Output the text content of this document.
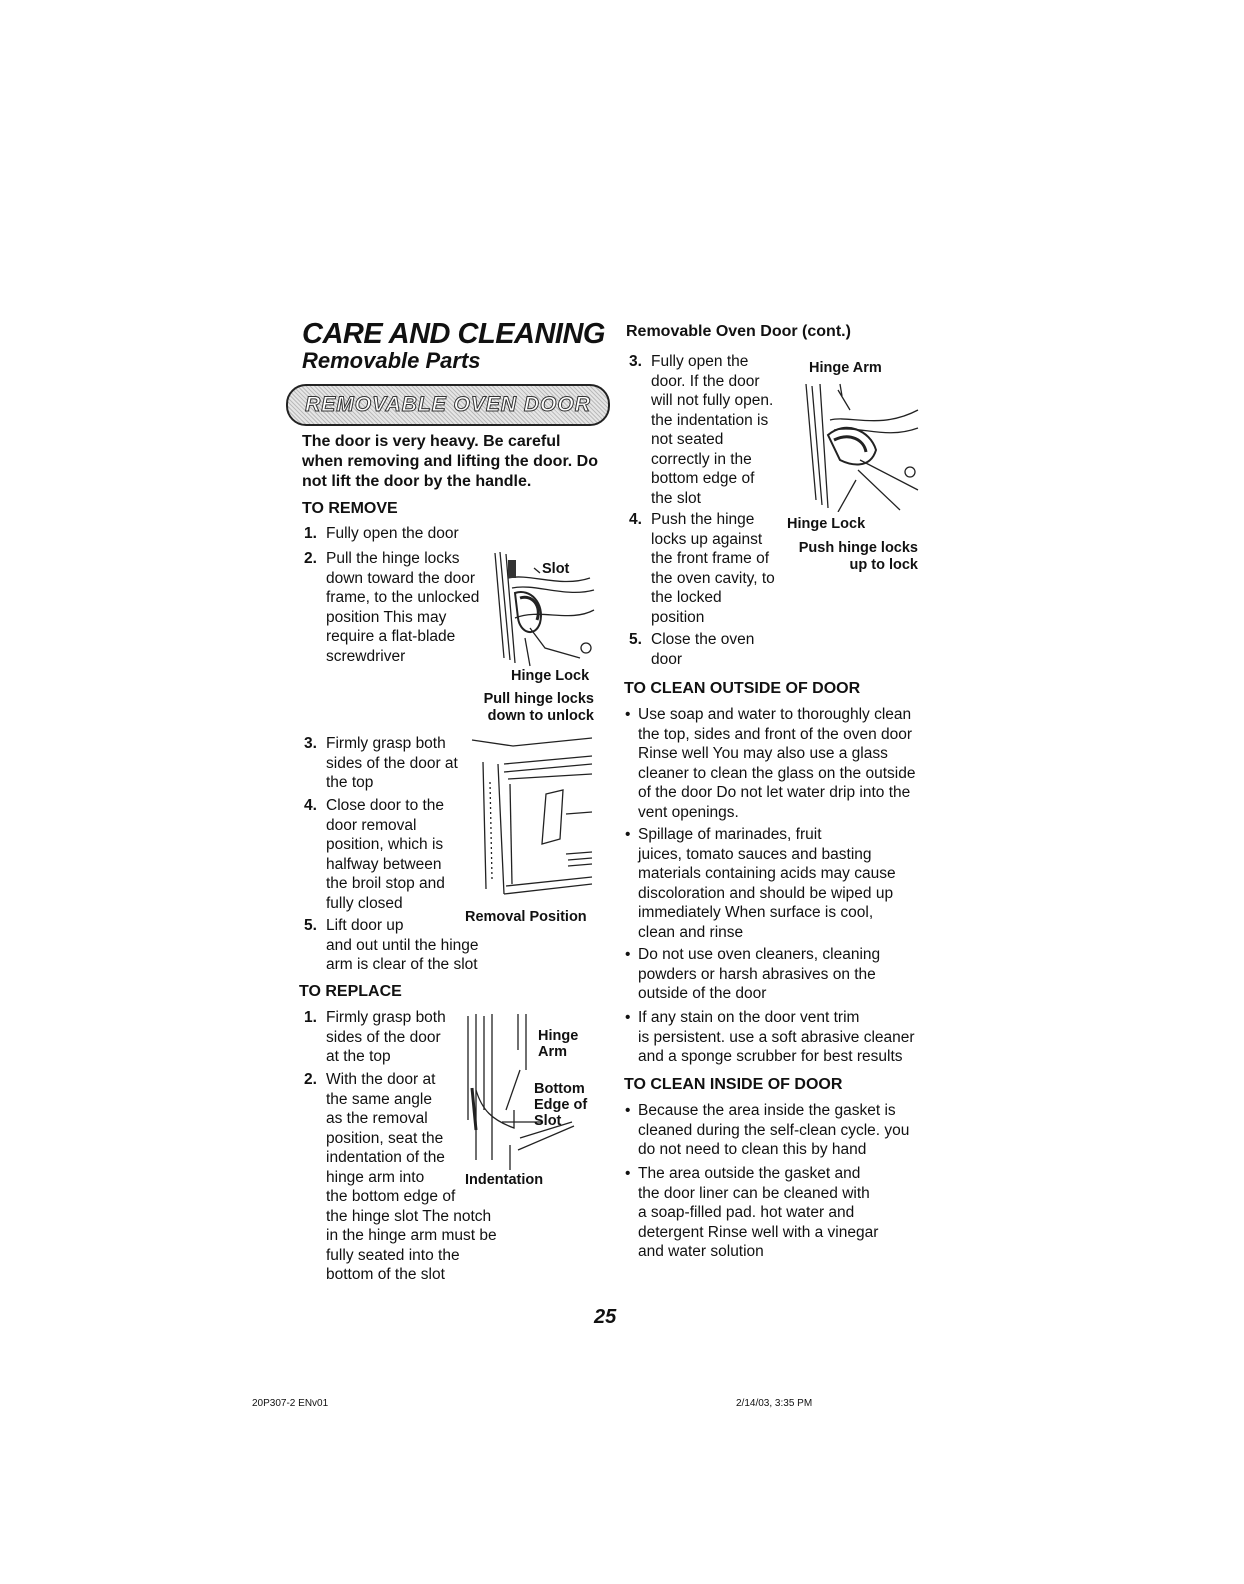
CARE AND CLEANING
Removable Parts
REMOVABLE OVEN DOOR

The door is very heavy. Be careful when removing and lifting the door. Do not lift the door by the handle.

TO REMOVE

1. Fully open the door

2. Pull the hinge locks

down toward the door

frame, to the unlocked

position This may

require a flat-blade

screwdriver

Slot
Hinge Lock

Pull hinge locks

down to unlock

3. Firmly grasp both

sides of the door at

the top

4. Close door to the

door removal

position, which is

halfway between

the broil stop and

fully closed

Removal Position
5. Lift door up

and out until the hinge

arm is clear of the slot

TO REPLACE

1. Firmly grasp both

sides of the door

at the top

2. With the door at

the same angle

as the removal

position, seat the

indentation of the

hinge arm into

the bottom edge of

the hinge slot The notch

in the hinge arm must be

fully seated into the

bottom of the slot

Hinge
Arm
Bottom
Edge of
Slot
Indentation

Removable Oven Door (cont.)

3. Fully open the

door. If the door

will not fully open.

the indentation is

not seated

correctly in the

bottom edge of

the slot

4. Push the hinge

locks up against

the front frame of

the oven cavity, to

the locked

position

5. Close the oven

door

Hinge Arm
Hinge Lock

Push hinge locks

up to lock

TO CLEAN OUTSIDE OF DOOR

• Use soap and water to thoroughly clean

the top, sides and front of the oven door

Rinse well You may also use a glass

cleaner to clean the glass on the outside

of the door Do not let water drip into the

vent openings.

• Spillage of marinades, fruit

juices, tomato sauces and basting

materials containing acids may cause

discoloration and should be wiped up

immediately When surface is cool,

clean and rinse

• Do not use oven cleaners, cleaning

powders or harsh abrasives on the

outside of the door

• If any stain on the door vent trim

is persistent. use a soft abrasive cleaner

and a sponge scrubber for best results

TO CLEAN INSIDE OF DOOR

• Because the area inside the gasket is

cleaned during the self-clean cycle. you

do not need to clean this by hand

• The area outside the gasket and

the door liner can be cleaned with

a soap-filled pad. hot water and

detergent Rinse well with a vinegar

and water solution

25
20P307-2 ENv01	2/14/03, 3:35 PM
